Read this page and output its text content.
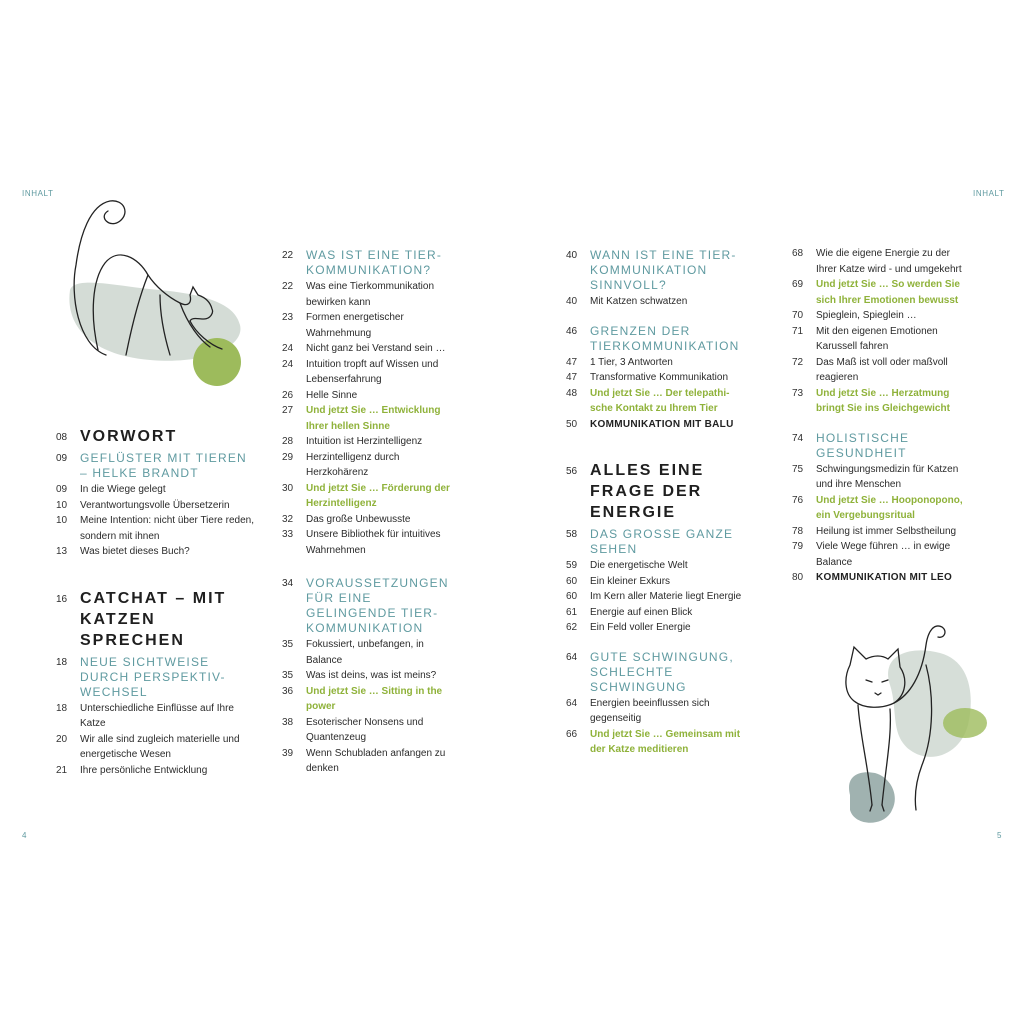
INHALT	INHALT
4	5
08 VORWORT
09	GEFLÜSTER MIT TIEREN – HELKE BRANDT
09	In die Wiege gelegt
10	Verantwortungsvolle Übersetzerin
10	Meine Intention: nicht über Tiere reden, sondern mit ihnen
13	Was bietet dieses Buch?
16 CATCHAT – MIT KATZEN SPRECHEN
18	NEUE SICHTWEISE DURCH PERSPEKTIV-WECHSEL
18	Unterschiedliche Einflüsse auf Ihre Katze
20	Wir alle sind zugleich materielle und energetische Wesen
21	Ihre persönliche Entwicklung
22	WAS IST EINE TIER-KOMMUNIKATION?
22	Was eine Tierkommunikation bewirken kann
23	Formen energetischer Wahrnehmung
24	Nicht ganz bei Verstand sein …
24	Intuition tropft auf Wissen und Lebenserfahrung
26	Helle Sinne
27	Und jetzt Sie … Entwicklung Ihrer hellen Sinne
28	Intuition ist Herzintelligenz
29	Herzintelligenz durch Herzkohärenz
30	Und jetzt Sie … Förderung der Herzintelligenz
32	Das große Unbewusste
33	Unsere Bibliothek für intuitives Wahrnehmen
34	VORAUSSETZUNGEN FÜR EINE GELINGENDE TIER-KOMMUNIKATION
35	Fokussiert, unbefangen, in Balance
35	Was ist deins, was ist meins?
36	Und jetzt Sie … Sitting in the power
38	Esoterischer Nonsens und Quantenzeug
39	Wenn Schubladen anfangen zu denken
40	WANN IST EINE TIER-KOMMUNIKATION SINNVOLL?
40	Mit Katzen schwatzen
46	GRENZEN DER TIERKOMMUNIKATION
47	1 Tier, 3 Antworten
47	Transformative Kommunikation
48	Und jetzt Sie … Der telepathi-sche Kontakt zu Ihrem Tier
50	KOMMUNIKATION MIT BALU
56 ALLES EINE FRAGE DER ENERGIE
58	DAS GROSSE GANZE SEHEN
59	Die energetische Welt
60	Ein kleiner Exkurs
60	Im Kern aller Materie liegt Energie
61	Energie auf einen Blick
62	Ein Feld voller Energie
64	GUTE SCHWINGUNG, SCHLECHTE SCHWINGUNG
64	Energien beeinflussen sich gegenseitig
66	Und jetzt Sie … Gemeinsam mit der Katze meditieren
68	Wie die eigene Energie zu der Ihrer Katze wird - und umgekehrt
69	Und jetzt Sie … So werden Sie sich Ihrer Emotionen bewusst
70	Spieglein, Spieglein …
71	Mit den eigenen Emotionen Karussell fahren
72	Das Maß ist voll oder maßvoll reagieren
73	Und jetzt Sie … Herzatmung bringt Sie ins Gleichgewicht
74	HOLISTISCHE GESUNDHEIT
75	Schwingungsmedizin für Katzen und ihre Menschen
76	Und jetzt Sie … Hooponopono, ein Vergebungsritual
78	Heilung ist immer Selbstheilung
79	Viele Wege führen … in ewige Balance
80	KOMMUNIKATION MIT LEO
